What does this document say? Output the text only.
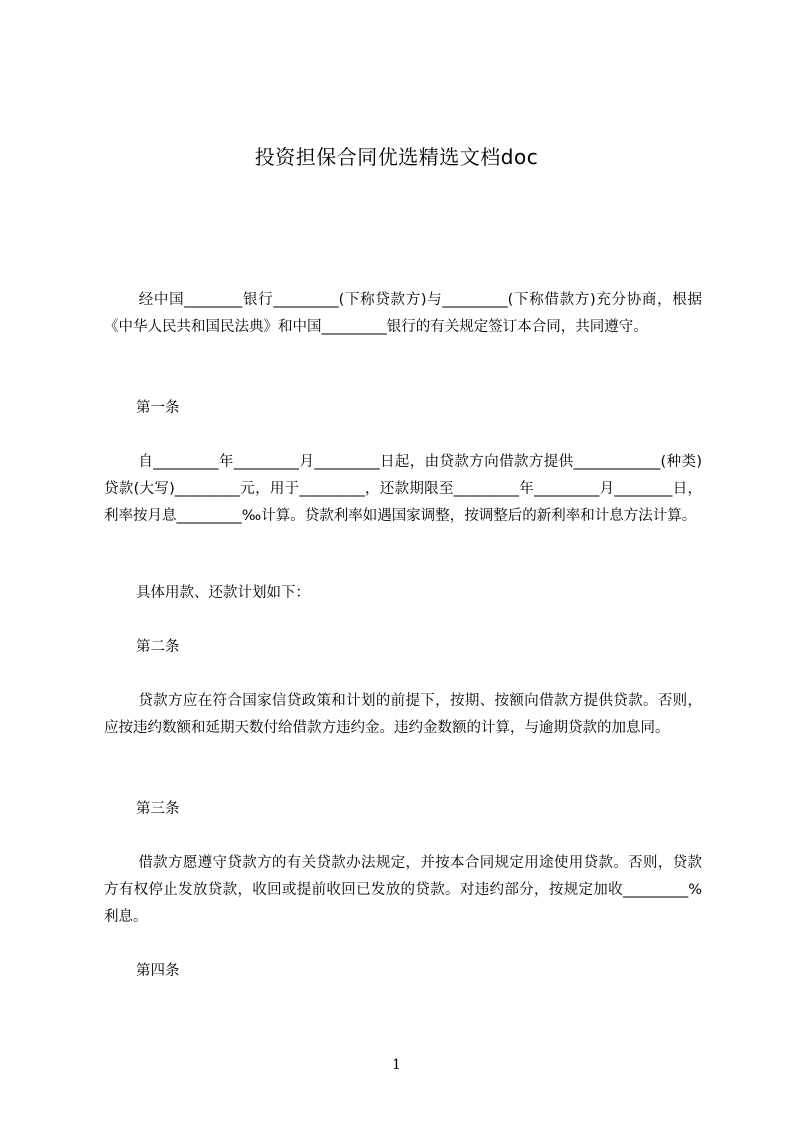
投资担保合同优选精选文档doc

经中国________银行_________(下称贷款方)与_________(下称借款方)充分协商，根据《中华人民共和国民法典》和中国_________银行的有关规定签订本合同，共同遵守。

第一条

自_________年_________月_________日起，由贷款方向借款方提供____________(种类)贷款(大写)_________元，用于_________，还款期限至_________年_________月________日，利率按月息_________‰计算。贷款利率如遇国家调整，按调整后的新利率和计息方法计算。

具体用款、还款计划如下：

第二条

贷款方应在符合国家信贷政策和计划的前提下，按期、按额向借款方提供贷款。否则，应按违约数额和延期天数付给借款方违约金。违约金数额的计算，与逾期贷款的加息同。

第三条

借款方愿遵守贷款方的有关贷款办法规定，并按本合同规定用途使用贷款。否则，贷款方有权停止发放贷款，收回或提前收回已发放的贷款。对违约部分，按规定加收_________%利息。

第四条

1
